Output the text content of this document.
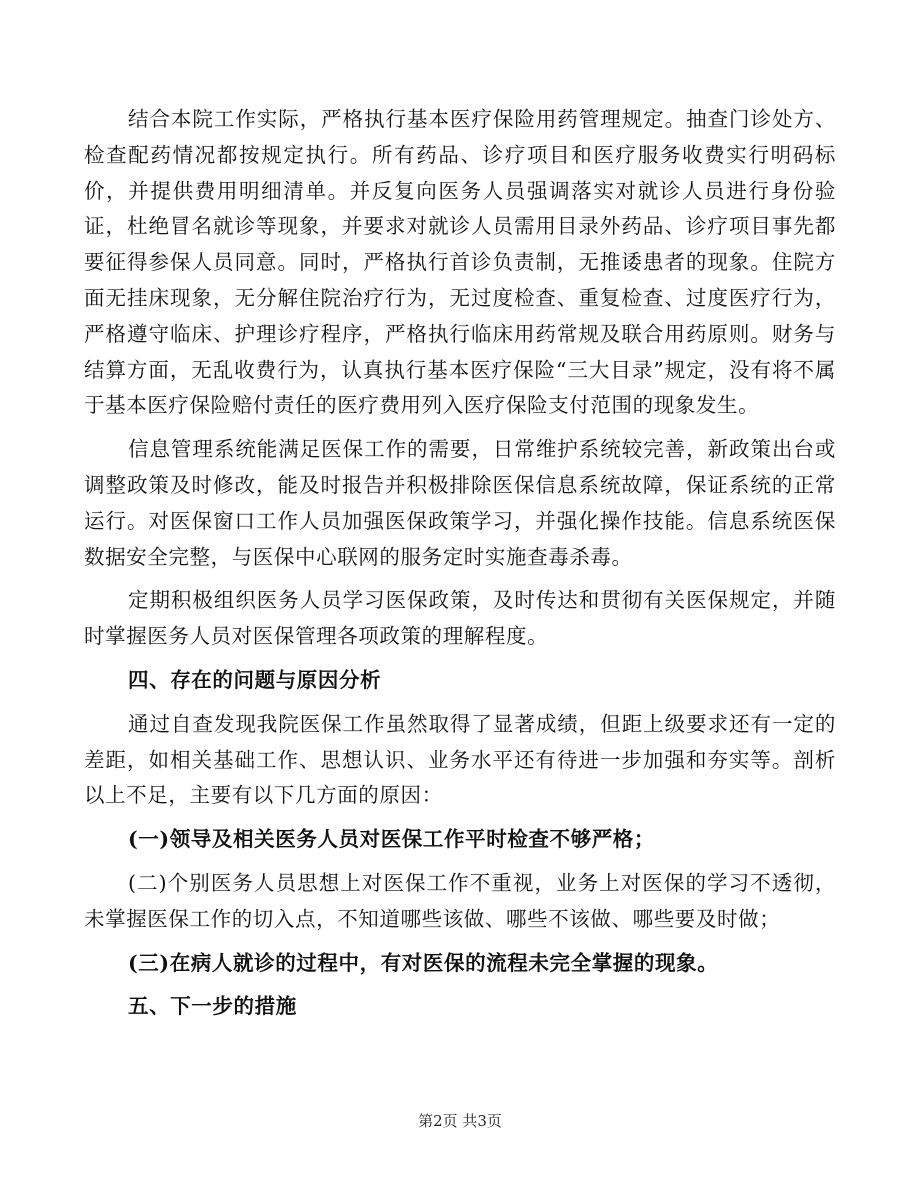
结合本院工作实际，严格执行基本医疗保险用药管理规定。抽查门诊处方、检查配药情况都按规定执行。所有药品、诊疗项目和医疗服务收费实行明码标价，并提供费用明细清单。并反复向医务人员强调落实对就诊人员进行身份验证，杜绝冒名就诊等现象，并要求对就诊人员需用目录外药品、诊疗项目事先都要征得参保人员同意。同时，严格执行首诊负责制，无推诿患者的现象。住院方面无挂床现象，无分解住院治疗行为，无过度检查、重复检查、过度医疗行为，严格遵守临床、护理诊疗程序，严格执行临床用药常规及联合用药原则。财务与结算方面，无乱收费行为，认真执行基本医疗保险“三大目录”规定，没有将不属于基本医疗保险赔付责任的医疗费用列入医疗保险支付范围的现象发生。

信息管理系统能满足医保工作的需要，日常维护系统较完善，新政策出台或调整政策及时修改，能及时报告并积极排除医保信息系统故障，保证系统的正常运行。对医保窗口工作人员加强医保政策学习，并强化操作技能。信息系统医保数据安全完整，与医保中心联网的服务定时实施查毒杀毒。

定期积极组织医务人员学习医保政策，及时传达和贯彻有关医保规定，并随时掌握医务人员对医保管理各项政策的理解程度。

四、存在的问题与原因分析

通过自查发现我院医保工作虽然取得了显著成绩，但距上级要求还有一定的差距，如相关基础工作、思想认识、业务水平还有待进一步加强和夯实等。剖析以上不足，主要有以下几方面的原因：

(一)领导及相关医务人员对医保工作平时检查不够严格；

(二)个别医务人员思想上对医保工作不重视，业务上对医保的学习不透彻，未掌握医保工作的切入点，不知道哪些该做、哪些不该做、哪些要及时做；

(三)在病人就诊的过程中，有对医保的流程未完全掌握的现象。

五、下一步的措施

第2页 共3页
